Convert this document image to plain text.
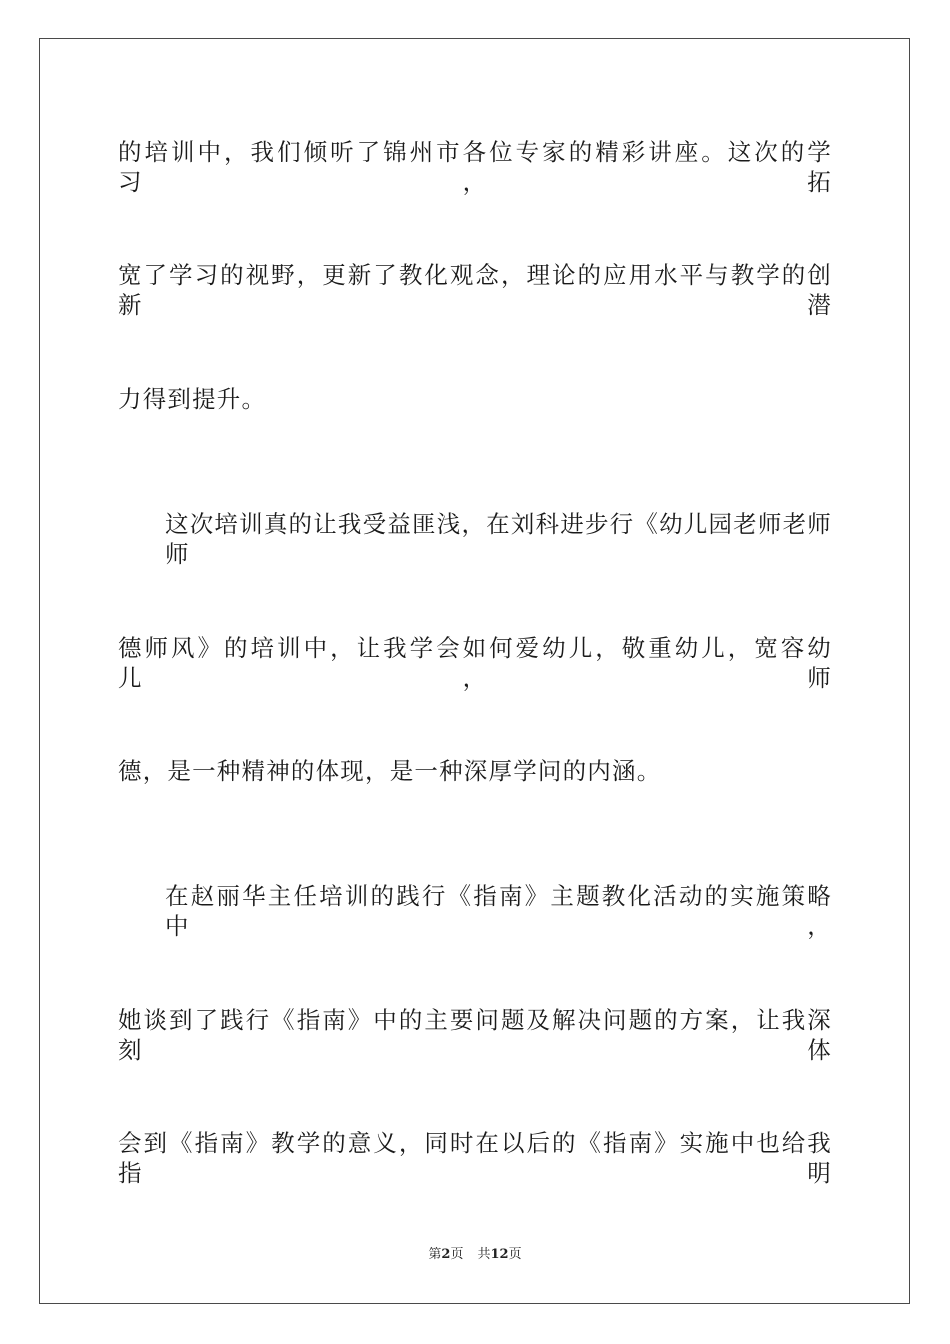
的培训中，我们倾听了锦州市各位专家的精彩讲座。这次的学习，拓
宽了学习的视野，更新了教化观念，理论的应用水平与教学的创新潜
力得到提升。
这次培训真的让我受益匪浅，在刘科进步行《幼儿园老师老师师
德师风》的培训中，让我学会如何爱幼儿，敬重幼儿，宽容幼儿，师
德，是一种精神的体现，是一种深厚学问的内涵。
在赵丽华主任培训的践行《指南》主题教化活动的实施策略中，
她谈到了践行《指南》中的主要问题及解决问题的方案，让我深刻体
会到《指南》教学的意义，同时在以后的《指南》实施中也给我指明
第2页 共12页
